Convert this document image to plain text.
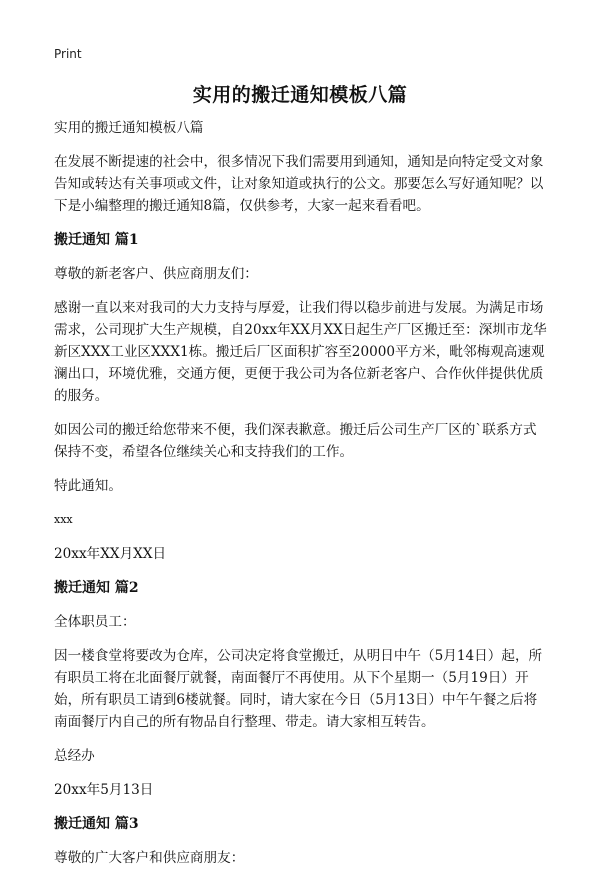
Print
实用的搬迁通知模板八篇

实用的搬迁通知模板八篇

在发展不断提速的社会中，很多情况下我们需要用到通知，通知是向特定受文对象告知或转达有关事项或文件，让对象知道或执行的公文。那要怎么写好通知呢？以下是小编整理的搬迁通知8篇，仅供参考，大家一起来看看吧。

搬迁通知 篇1

尊敬的新老客户、供应商朋友们：

感谢一直以来对我司的大力支持与厚爱，让我们得以稳步前进与发展。为满足市场需求，公司现扩大生产规模，自20xx年XX月XX日起生产厂区搬迁至：深圳市龙华新区XXX工业区XXX1栋。搬迁后厂区面积扩容至20000平方米，毗邻梅观高速观澜出口，环境优雅，交通方便，更便于我公司为各位新老客户、合作伙伴提供优质的服务。

如因公司的搬迁给您带来不便，我们深表歉意。搬迁后公司生产厂区的`联系方式保持不变，希望各位继续关心和支持我们的工作。

特此通知。

xxx

20xx年XX月XX日

搬迁通知 篇2

全体职员工：

因一楼食堂将要改为仓库，公司决定将食堂搬迁，从明日中午（5月14日）起，所有职员工将在北面餐厅就餐，南面餐厅不再使用。从下个星期一（5月19日）开始，所有职员工请到6楼就餐。同时，请大家在今日（5月13日）中午午餐之后将南面餐厅内自己的所有物品自行整理、带走。请大家相互转告。

总经办

20xx年5月13日

搬迁通知 篇3

尊敬的广大客户和供应商朋友：
